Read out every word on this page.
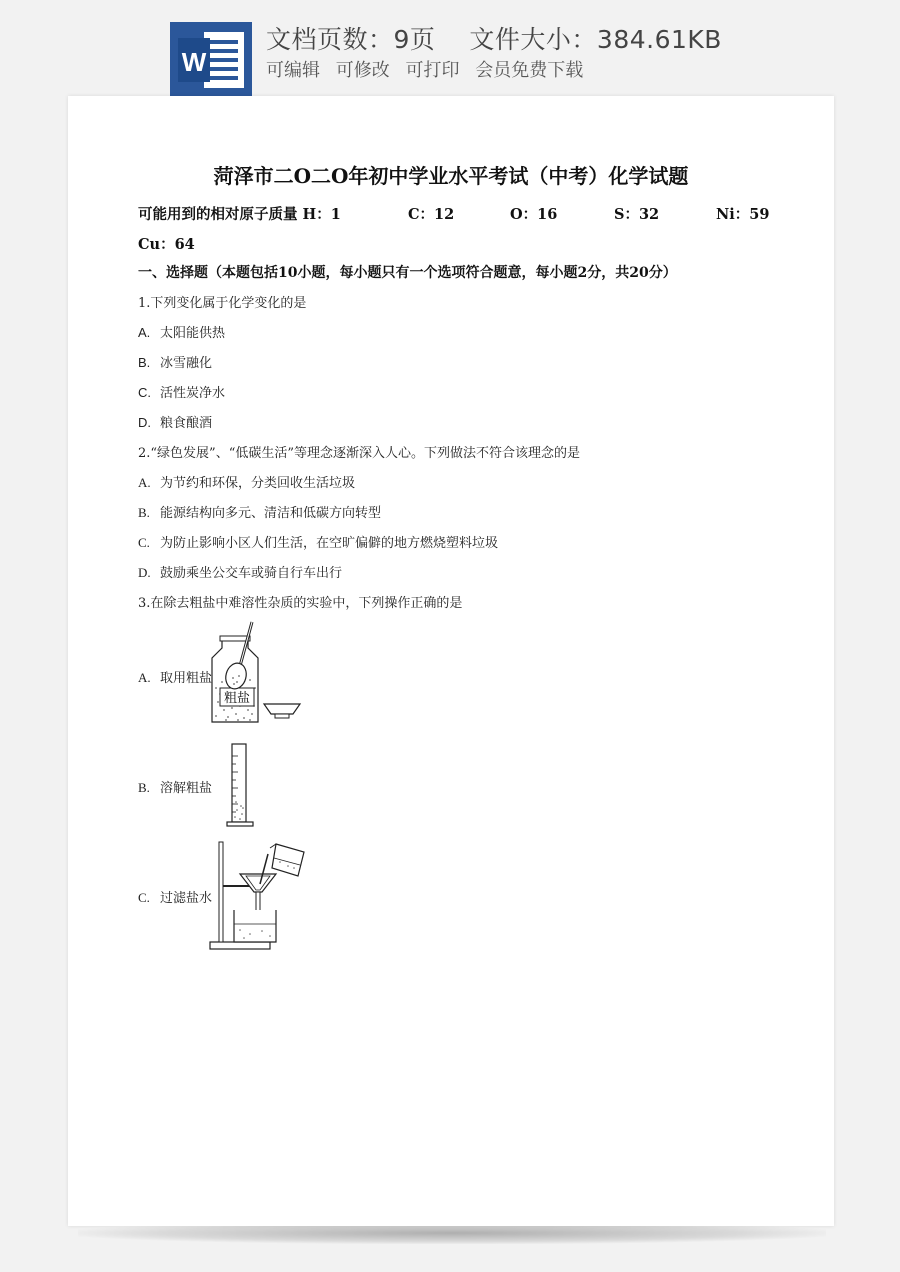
W
文档页数：9页 文件大小：384.61KB
可编辑 可修改 可打印 会员免费下载
菏泽市二O二O年初中学业水平考试（中考）化学试题
可能用到的相对原子质量 H：1	C：12	O：16	S：32	Ni：59
Cu：64
一、选择题（本题包括10小题，每小题只有一个选项符合题意，每小题2分，共20分）
1.下列变化属于化学变化的是
A. 太阳能供热
B. 冰雪融化
C. 活性炭净水
D. 粮食酿酒
2.“绿色发展”、“低碳生活”等理念逐渐深入人心。下列做法不符合该理念的是
A. 为节约和环保，分类回收生活垃圾
B. 能源结构向多元、清洁和低碳方向转型
C. 为防止影响小区人们生活，在空旷偏僻的地方燃烧塑料垃圾
D. 鼓励乘坐公交车或骑自行车出行
3.在除去粗盐中难溶性杂质的实验中，下列操作正确的是
A. 取用粗盐
粗盐
B. 溶解粗盐
C. 过滤盐水
